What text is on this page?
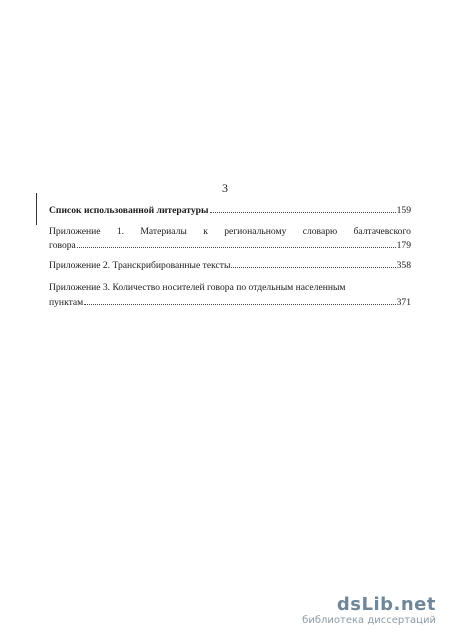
3
Список использованной литературы	159
Приложение 1. Материалы к региональному словарю балтачевского
говора	179
Приложение 2. Транскрибированные тексты	358
Приложение 3. Количество носителей говора по отдельным населенным
пунктам	371
dsLib.net
библиотека диссертаций
